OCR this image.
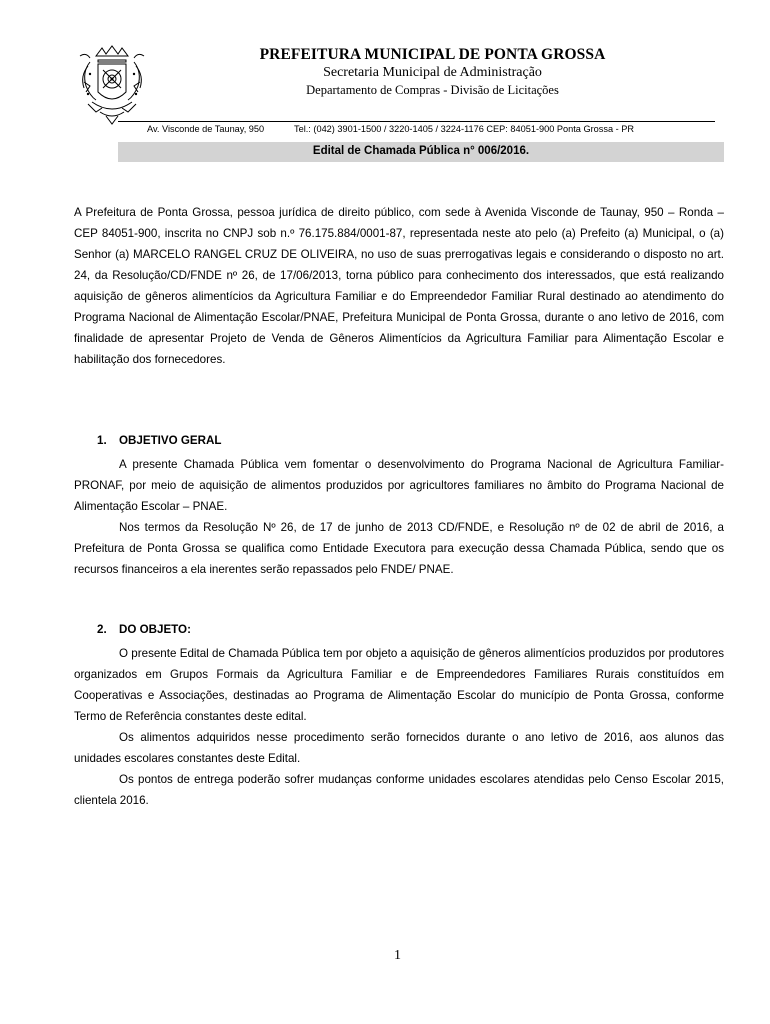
PREFEITURA MUNICIPAL DE PONTA GROSSA
Secretaria Municipal de Administração
Departamento de Compras - Divisão de Licitações
Av. Visconde de Taunay, 950	Tel.: (042) 3901-1500 / 3220-1405 / 3224-1176 CEP: 84051-900 Ponta Grossa - PR
Edital de Chamada Pública n° 006/2016.

A Prefeitura de Ponta Grossa, pessoa jurídica de direito público, com sede à Avenida Visconde de Taunay, 950 – Ronda – CEP 84051-900, inscrita no CNPJ sob n.º 76.175.884/0001-87, representada neste ato pelo (a) Prefeito (a) Municipal, o (a) Senhor (a) MARCELO RANGEL CRUZ DE OLIVEIRA, no uso de suas prerrogativas legais e considerando o disposto no art. 24, da Resolução/CD/FNDE nº 26, de 17/06/2013, torna público para conhecimento dos interessados, que está realizando aquisição de gêneros alimentícios da Agricultura Familiar e do Empreendedor Familiar Rural destinado ao atendimento do Programa Nacional de Alimentação Escolar/PNAE, Prefeitura Municipal de Ponta Grossa, durante o ano letivo de 2016, com finalidade de apresentar Projeto de Venda de Gêneros Alimentícios da Agricultura Familiar para Alimentação Escolar e habilitação dos fornecedores.

1. OBJETIVO GERAL

A presente Chamada Pública vem fomentar o desenvolvimento do Programa Nacional de Agricultura Familiar-PRONAF, por meio de aquisição de alimentos produzidos por agricultores familiares no âmbito do Programa Nacional de Alimentação Escolar – PNAE.

Nos termos da Resolução Nº 26, de 17 de junho de 2013 CD/FNDE, e Resolução nº de 02 de abril de 2016, a Prefeitura de Ponta Grossa se qualifica como Entidade Executora para execução dessa Chamada Pública, sendo que os recursos financeiros a ela inerentes serão repassados pelo FNDE/ PNAE.

2. DO OBJETO:

O presente Edital de Chamada Pública tem por objeto a aquisição de gêneros alimentícios produzidos por produtores organizados em Grupos Formais da Agricultura Familiar e de Empreendedores Familiares Rurais constituídos em Cooperativas e Associações, destinadas ao Programa de Alimentação Escolar do município de Ponta Grossa, conforme Termo de Referência constantes deste edital.

Os alimentos adquiridos nesse procedimento serão fornecidos durante o ano letivo de 2016, aos alunos das unidades escolares constantes deste Edital.

Os pontos de entrega poderão sofrer mudanças conforme unidades escolares atendidas pelo Censo Escolar 2015, clientela 2016.

1
